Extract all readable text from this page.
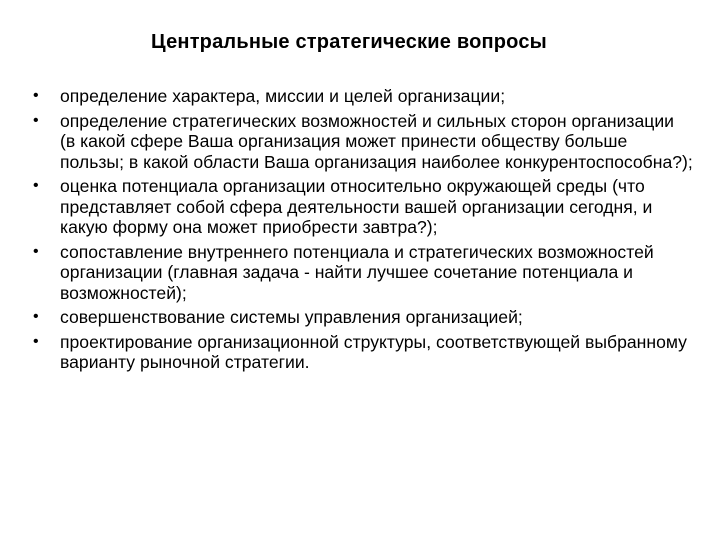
Центральные стратегические вопросы
• определение характера, миссии и целей организации;
• определение стратегических возможностей и сильных сторон организации (в какой сфере Ваша организация может принести обществу больше пользы; в какой области Ваша организация наиболее конкурентоспособна?);
• оценка потенциала организации относительно окружающей среды (что представляет собой сфера деятельности вашей организации сегодня, и какую форму она может приобрести завтра?);
• сопоставление внутреннего потенциала и стратегических возможностей организации (главная задача - найти лучшее сочетание потенциала и возможностей);
• совершенствование системы управления организацией;
• проектирование организационной структуры, соответствующей выбранному варианту рыночной стратегии.
